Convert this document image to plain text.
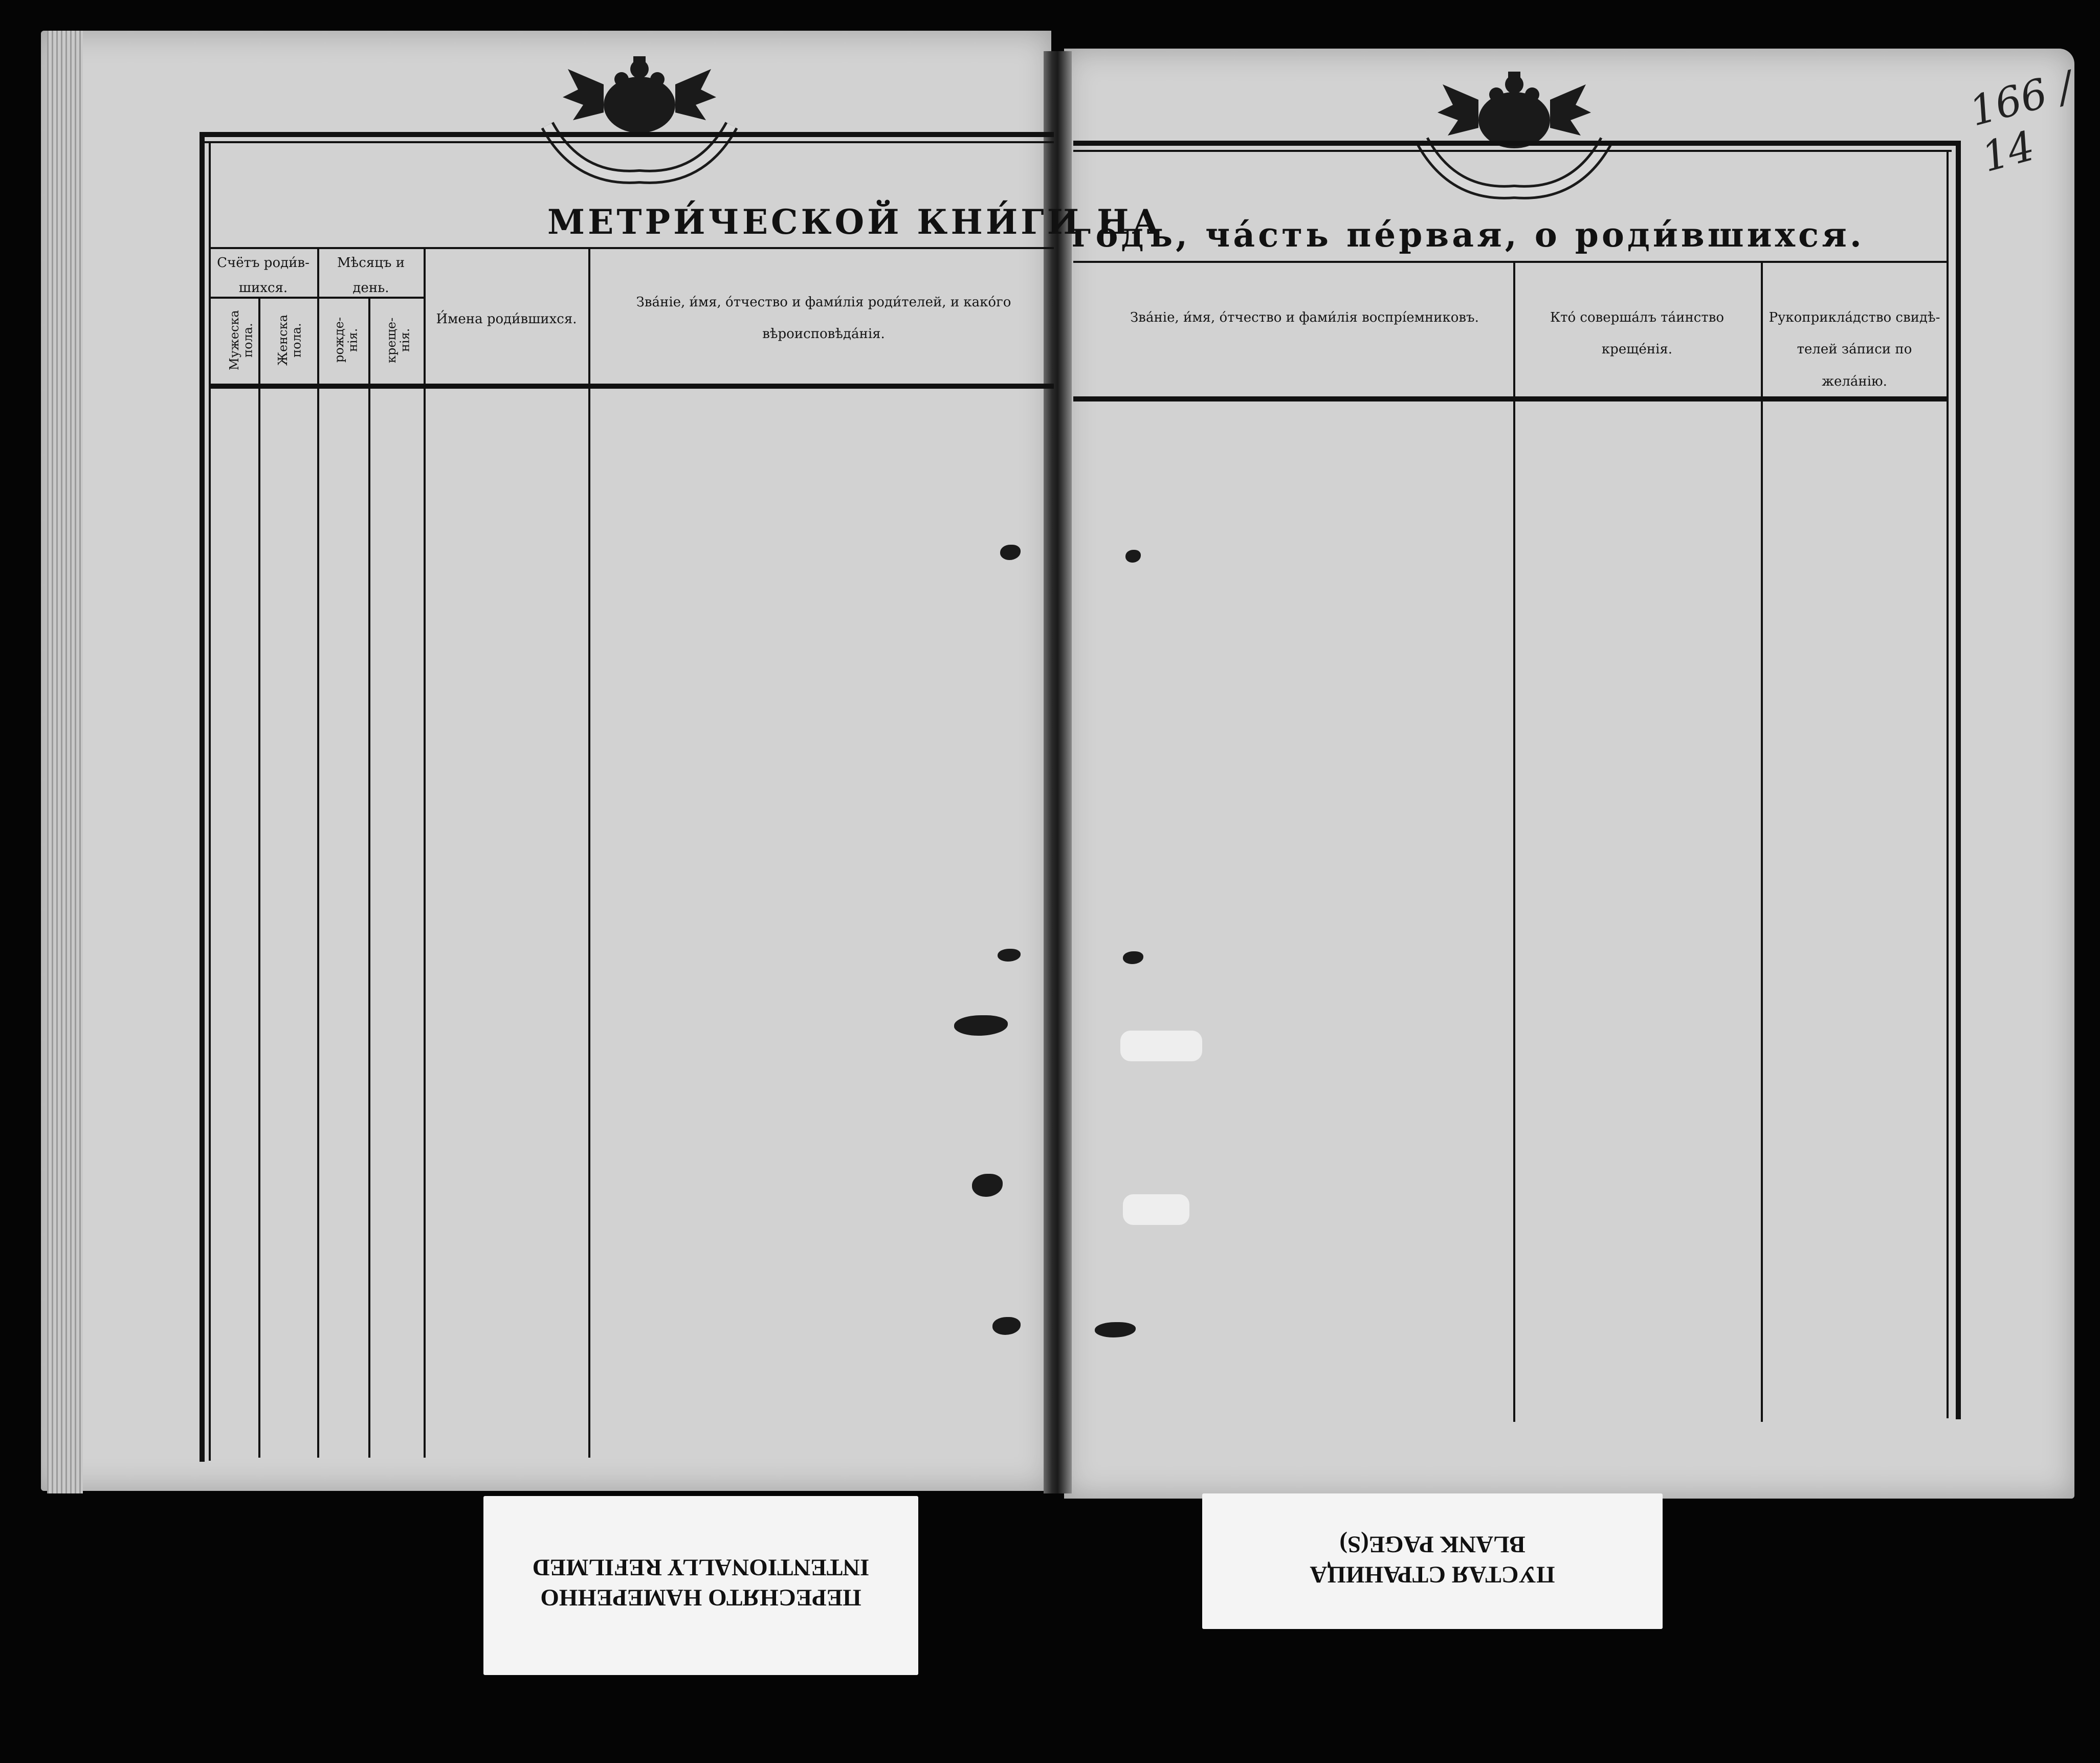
МЕТРИ́ЧЕСКОЙ КНИ́ГИ НА
Счётъ роди́в-шихся.
Мужеска пола. Женска пола.
Мѣсяцъ и день.
рожде-нія. креще-нія.
И́мена роди́вшихся.
Зва́ніе, и́мя, о́тчество и фами́лія роди́телей, и како́го вѣроисповѣда́нія.
го́дъ, ча́сть пе́рвая, о роди́вшихся.
166 / 14
Зва́ніе, и́мя, о́тчество и фами́лія воспрі́емниковъ.	Кто́ соверша́лъ та́инство креще́нія.
Рукоприкла́дство свидѣ-телей за́писи по жела́нію.
ПЕРЕСНЯТО НАМЕРЕННО
INTENTIONALLY REFILMED	ПУСТАЯ СТРАНИЦА
BLANK PAGE(S)
